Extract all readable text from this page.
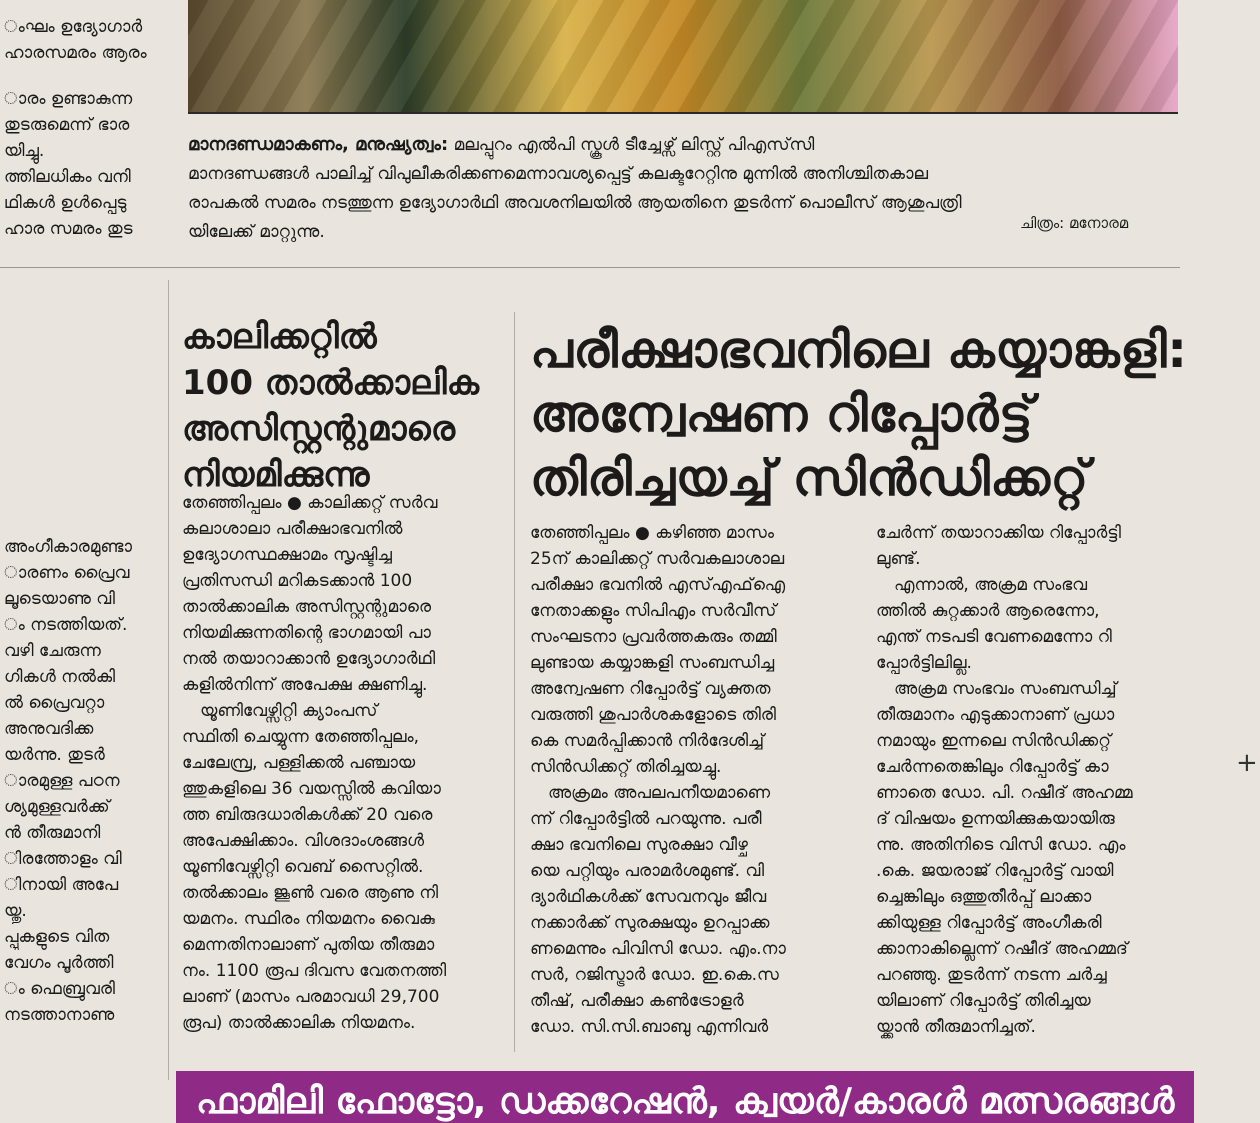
ംഘം ഉദ്യോഗാർ
ഹാരസമരം ആരം
ാരം ഉണ്ടാകുന്ന
തുടരുമെന്ന് ഭാര
യിച്ചു.
ത്തിലധികം വനി
ഥികൾ ഉൾപ്പെടു
ഹാര സമരം തുട
അംഗീകാരമുണ്ടാ
ാരണം പ്രൈവ
ലൂടെയാണു വി
ം നടത്തിയത്.
വഴി ചേരുന്ന
ഗികൾ നൽകി
ൽ പ്രൈവറ്റാ
അനുവദിക്ക
യർന്നു. തുടർ
ാരമുള്ള പഠന
ശ്യമുള്ളവർക്ക്
ൻ തീരുമാനി
ിരത്തോളം വി
ിനായി അപേ
യ്തു.
പ്പുകളുടെ വിത
വേഗം പൂർത്തി
ം ഫെബ്രുവരി
നടത്താനാണു
മാനദണ്ഡമാകണം, മനുഷ്യത്വം: മലപ്പുറം എൽപി സ്കൂൾ ടീച്ചേഴ്സ് ലിസ്റ്റ് പിഎസ്‌സി
മാനദണ്ഡങ്ങൾ പാലിച്ച് വിപുലീകരിക്കണമെന്നാവശ്യപ്പെട്ട് കലക്ടറേറ്റിനു മുന്നിൽ അനിശ്ചിതകാല
രാപകൽ സമരം നടത്തുന്ന ഉദ്യോഗാർഥി അവശനിലയിൽ ആയതിനെ തുടർന്ന് പൊലീസ് ആശുപത്രി
യിലേക്ക് മാറ്റുന്നു.	ചിത്രം: മനോരമ
കാലിക്കറ്റിൽ
100 താൽക്കാലിക
അസിസ്റ്റന്റുമാരെ
നിയമിക്കുന്നു
തേഞ്ഞിപ്പലം ● കാലിക്കറ്റ് സർവ
കലാശാലാ പരീക്ഷാഭവനിൽ
ഉദ്യോഗസ്ഥക്ഷാമം സൃഷ്ടിച്ച
പ്രതിസന്ധി മറികടക്കാൻ 100
താൽക്കാലിക അസിസ്റ്റന്റുമാരെ
നിയമിക്കുന്നതിന്റെ ഭാഗമായി പാ
നൽ തയാറാക്കാൻ ഉദ്യോഗാർഥി
കളിൽനിന്ന് അപേക്ഷ ക്ഷണിച്ചു.
യൂണിവേഴ്സിറ്റി ക്യാംപസ്
സ്ഥിതി ചെയ്യുന്ന തേഞ്ഞിപ്പലം,
ചേലേമ്പ്ര, പള്ളിക്കൽ പഞ്ചായ
ത്തുകളിലെ 36 വയസ്സിൽ കവിയാ
ത്ത ബിരുദധാരികൾക്ക് 20 വരെ
അപേക്ഷിക്കാം. വിശദാംശങ്ങൾ
യൂണിവേഴ്സിറ്റി വെബ് സൈറ്റിൽ.
തൽക്കാലം ജൂൺ വരെ ആണു നി
യമനം. സ്ഥിരം നിയമനം വൈകു
മെന്നതിനാലാണ് പുതിയ തീരുമാ
നം. 1100 രൂപ ദിവസ വേതനത്തി
ലാണ് (മാസം പരമാവധി 29,700
രൂപ) താൽക്കാലിക നിയമനം.
പരീക്ഷാഭവനിലെ കയ്യാങ്കളി:
അന്വേഷണ റിപ്പോർട്ട്
തിരിച്ചയച്ച് സിൻഡിക്കറ്റ്
തേഞ്ഞിപ്പലം ● കഴിഞ്ഞ മാസം
25ന് കാലിക്കറ്റ് സർവകലാശാല
പരീക്ഷാ ഭവനിൽ എസ്എഫ്ഐ
നേതാക്കളും സിപിഎം സർവീസ്
സംഘടനാ പ്രവർത്തകരും തമ്മി
ലുണ്ടായ കയ്യാങ്കളി സംബന്ധിച്ച
അന്വേഷണ റിപ്പോർട്ട് വ്യക്തത
വരുത്തി ശുപാർശകളോടെ തിരി
കെ സമർപ്പിക്കാൻ നിർദേശിച്ച്
സിൻഡിക്കറ്റ് തിരിച്ചയച്ചു.
അക്രമം അപലപനീയമാണെ
ന്ന് റിപ്പോർട്ടിൽ പറയുന്നു. പരീ
ക്ഷാ ഭവനിലെ സുരക്ഷാ വീഴ്ച
യെ പറ്റിയും പരാമർശമുണ്ട്. വി
ദ്യാർഥികൾക്ക് സേവനവും ജീവ
നക്കാർക്ക് സുരക്ഷയും ഉറപ്പാക്ക
ണമെന്നും പിവിസി ഡോ. എം.നാ
സർ, റജിസ്ട്രാർ ഡോ. ഇ.കെ.സ
തീഷ്, പരീക്ഷാ കൺട്രോളർ
ഡോ. സി.സി.ബാബു എന്നിവർ
ചേർന്ന് തയാറാക്കിയ റിപ്പോർട്ടി
ലുണ്ട്.
എന്നാൽ, അക്രമ സംഭവ
ത്തിൽ കുറ്റക്കാർ ആരെന്നോ,
എന്ത് നടപടി വേണമെന്നോ റി
പ്പോർട്ടിലില്ല.
അക്രമ സംഭവം സംബന്ധിച്ച്
തീരുമാനം എടുക്കാനാണ് പ്രധാ
നമായും ഇന്നലെ സിൻഡിക്കറ്റ്
ചേർന്നതെങ്കിലും റിപ്പോർട്ട് കാ
ണാതെ ഡോ. പി. റഷീദ് അഹമ്മ
ദ് വിഷയം ഉന്നയിക്കുകയായിരു
ന്നു. അതിനിടെ വിസി ഡോ. എം
.കെ. ജയരാജ് റിപ്പോർട്ട് വായി
ച്ചെങ്കിലും ഒത്തുതീർപ്പ് ലാക്കാ
ക്കിയുള്ള റിപ്പോർട്ട് അംഗീകരി
ക്കാനാകില്ലെന്ന് റഷീദ് അഹമ്മദ്
പറഞ്ഞു. തുടർന്ന് നടന്ന ചർച്ച
യിലാണ് റിപ്പോർട്ട് തിരിച്ചയ
യ്ക്കാൻ തീരുമാനിച്ചത്.
+
ഫാമിലി ഫോട്ടോ, ഡക്കറേഷൻ, ക്വയർ/കാരൾ മത്സരങ്ങൾ
